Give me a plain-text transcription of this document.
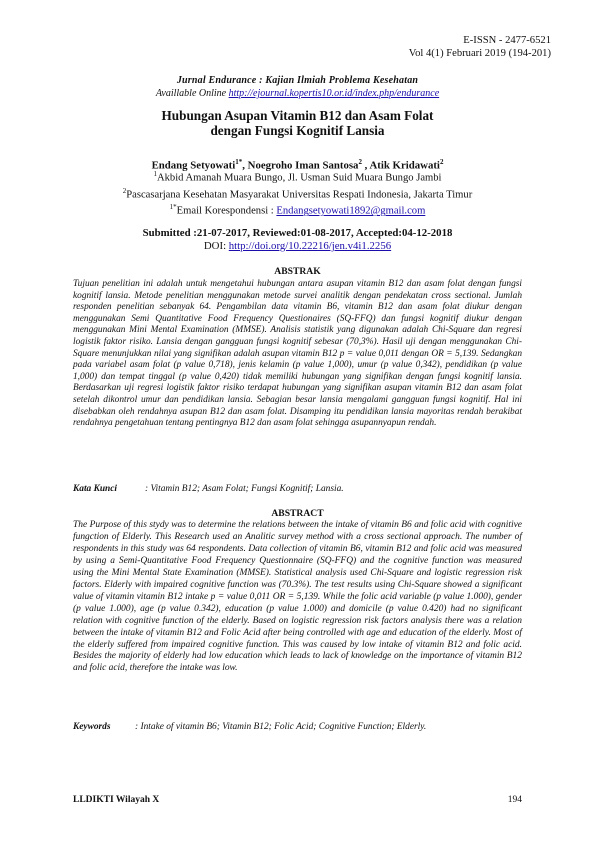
E-ISSN - 2477-6521
Vol 4(1) Februari 2019 (194-201)
Jurnal Endurance : Kajian Ilmiah Problema Kesehatan
Availlable Online http://ejournal.kopertis10.or.id/index.php/endurance
Hubungan Asupan Vitamin B12 dan Asam Folat
dengan Fungsi Kognitif Lansia
Endang Setyowati$^{1*}$, Noegroho Iman Santosa$^2$ , Atik Kridawati$^2$
$^1$Akbid Amanah Muara Bungo, Jl. Usman Suid Muara Bungo Jambi
$^2$Pascasarjana Kesehatan Masyarakat Universitas Respati Indonesia, Jakarta Timur
$^{1*}$Email Korespondensi : Endangsetyowati1892@gmail.com
Submitted :21-07-2017, Reviewed:01-08-2017, Accepted:04-12-2018
DOI: http://doi.org/10.22216/jen.v4i1.2256
ABSTRAK
Tujuan penelitian ini adalah untuk mengetahui hubungan antara asupan vitamin B12 dan asam folat dengan fungsi kognitif lansia. Metode penelitian menggunakan metode survei analitik dengan pendekatan cross sectional. Jumlah responden penelitian sebanyak 64. Pengambilan data vitamin B6, vitamin B12 dan asam folat diukur dengan menggunakan Semi Quantitative Food Frequency Questionaires (SQ-FFQ) dan fungsi kognitif diukur dengan menggunakan Mini Mental Examination (MMSE). Analisis statistik yang digunakan adalah Chi-Square dan regresi logistik faktor risiko. Lansia dengan gangguan fungsi kognitif sebesar (70,3%). Hasil uji dengan menggunakan Chi-Square menunjukkan nilai yang signifikan adalah asupan vitamin B12 p = value 0,011 dengan OR = 5,139. Sedangkan pada variabel asam folat (p value 0,718), jenis kelamin (p value 1,000), umur (p value 0,342), pendidikan (p value 1,000) dan tempat tinggal (p value 0,420) tidak memiliki hubungan yang signifikan dengan fungsi kognitif lansia. Berdasarkan uji regresi logistik faktor risiko terdapat hubungan yang signifikan asupan vitamin B12 dan asam folat setelah dikontrol umur dan pendidikan lansia. Sebagian besar lansia mengalami gangguan fungsi kognitif. Hal ini disebabkan oleh rendahnya asupan B12 dan asam folat. Disamping itu pendidikan lansia mayoritas rendah berakibat rendahnya pengetahuan tentang pentingnya B12 dan asam folat sehingga asupannyapun rendah.
Kata Kunci	: Vitamin B12; Asam Folat; Fungsi Kognitif; Lansia.
ABSTRACT
The Purpose of this stydy was to determine the relations between the intake of vitamin B6 and folic acid with cognitive fungction of Elderly. This Research used an Analitic survey method with a cross sectional approach. The number of respondents in this study was 64 respondents. Data collection of vitamin B6, vitamin B12 and folic acid was measured by using a Semi-Quantitative Food Frequency Questionnaire (SQ-FFQ) and the cognitive function was measured using the Mini Mental State Examination (MMSE). Statistical analysis used Chi-Square and logistic regression risk factors. Elderly with impaired cognitive function was (70.3%). The test results using Chi-Square showed a significant value of vitamin vitamin B12 intake p = value 0,011 OR = 5,139. While the folic acid variable (p value 1.000), gender (p value 1.000), age (p value 0.342), education (p value 1.000) and domicile (p value 0.420) had no significant relation with cognitive function of the elderly. Based on logistic regression risk factors analysis there was a relation between the intake of vitamin B12 and Folic Acid after being controlled with age and education of the elderly. Most of the elderly suffered from impaired cognitive function. This was caused by low intake of vitamin B12 and folic acid. Besides the majority of elderly had low education which leads to lack of knowledge on the importance of vitamin B12 and folic acid, therefore the intake was low.
Keywords	: Intake of vitamin B6; Vitamin B12; Folic Acid; Cognitive Function; Elderly.
LLDIKTI Wilayah X	194
